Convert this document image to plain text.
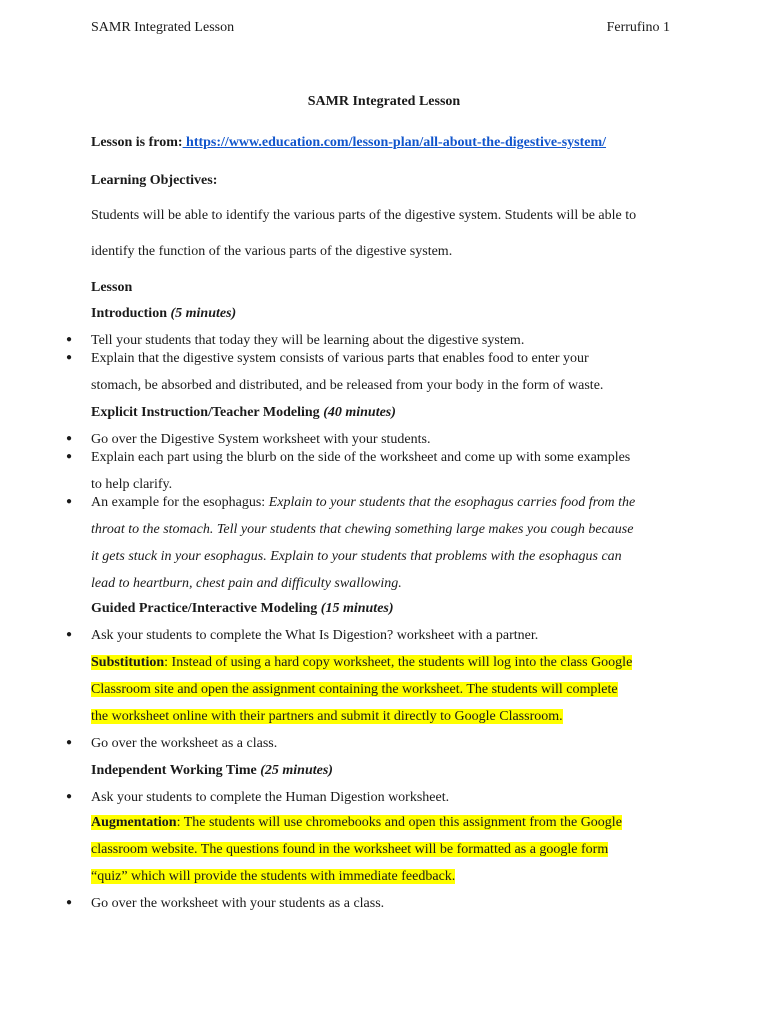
SAMR Integrated Lesson	Ferrufino 1
SAMR Integrated Lesson
Lesson is from: https://www.education.com/lesson-plan/all-about-the-digestive-system/
Learning Objectives:
Students will be able to identify the various parts of the digestive system. Students will be able to
identify the function of the various parts of the digestive system.
Lesson
Introduction (5 minutes)
● Tell your students that today they will be learning about the digestive system.
● Explain that the digestive system consists of various parts that enables food to enter your
stomach, be absorbed and distributed, and be released from your body in the form of waste.
Explicit Instruction/Teacher Modeling (40 minutes)
● Go over the Digestive System worksheet with your students.
● Explain each part using the blurb on the side of the worksheet and come up with some examples
to help clarify.
● An example for the esophagus: Explain to your students that the esophagus carries food from the
throat to the stomach. Tell your students that chewing something large makes you cough because
it gets stuck in your esophagus. Explain to your students that problems with the esophagus can
lead to heartburn, chest pain and difficulty swallowing.
Guided Practice/Interactive Modeling (15 minutes)
● Ask your students to complete the What Is Digestion? worksheet with a partner.
Substitution: Instead of using a hard copy worksheet, the students will log into the class Google
Classroom site and open the assignment containing the worksheet. The students will complete
the worksheet online with their partners and submit it directly to Google Classroom.
● Go over the worksheet as a class.
Independent Working Time (25 minutes)
● Ask your students to complete the Human Digestion worksheet.
Augmentation: The students will use chromebooks and open this assignment from the Google
classroom website. The questions found in the worksheet will be formatted as a google form
“quiz” which will provide the students with immediate feedback.
● Go over the worksheet with your students as a class.
